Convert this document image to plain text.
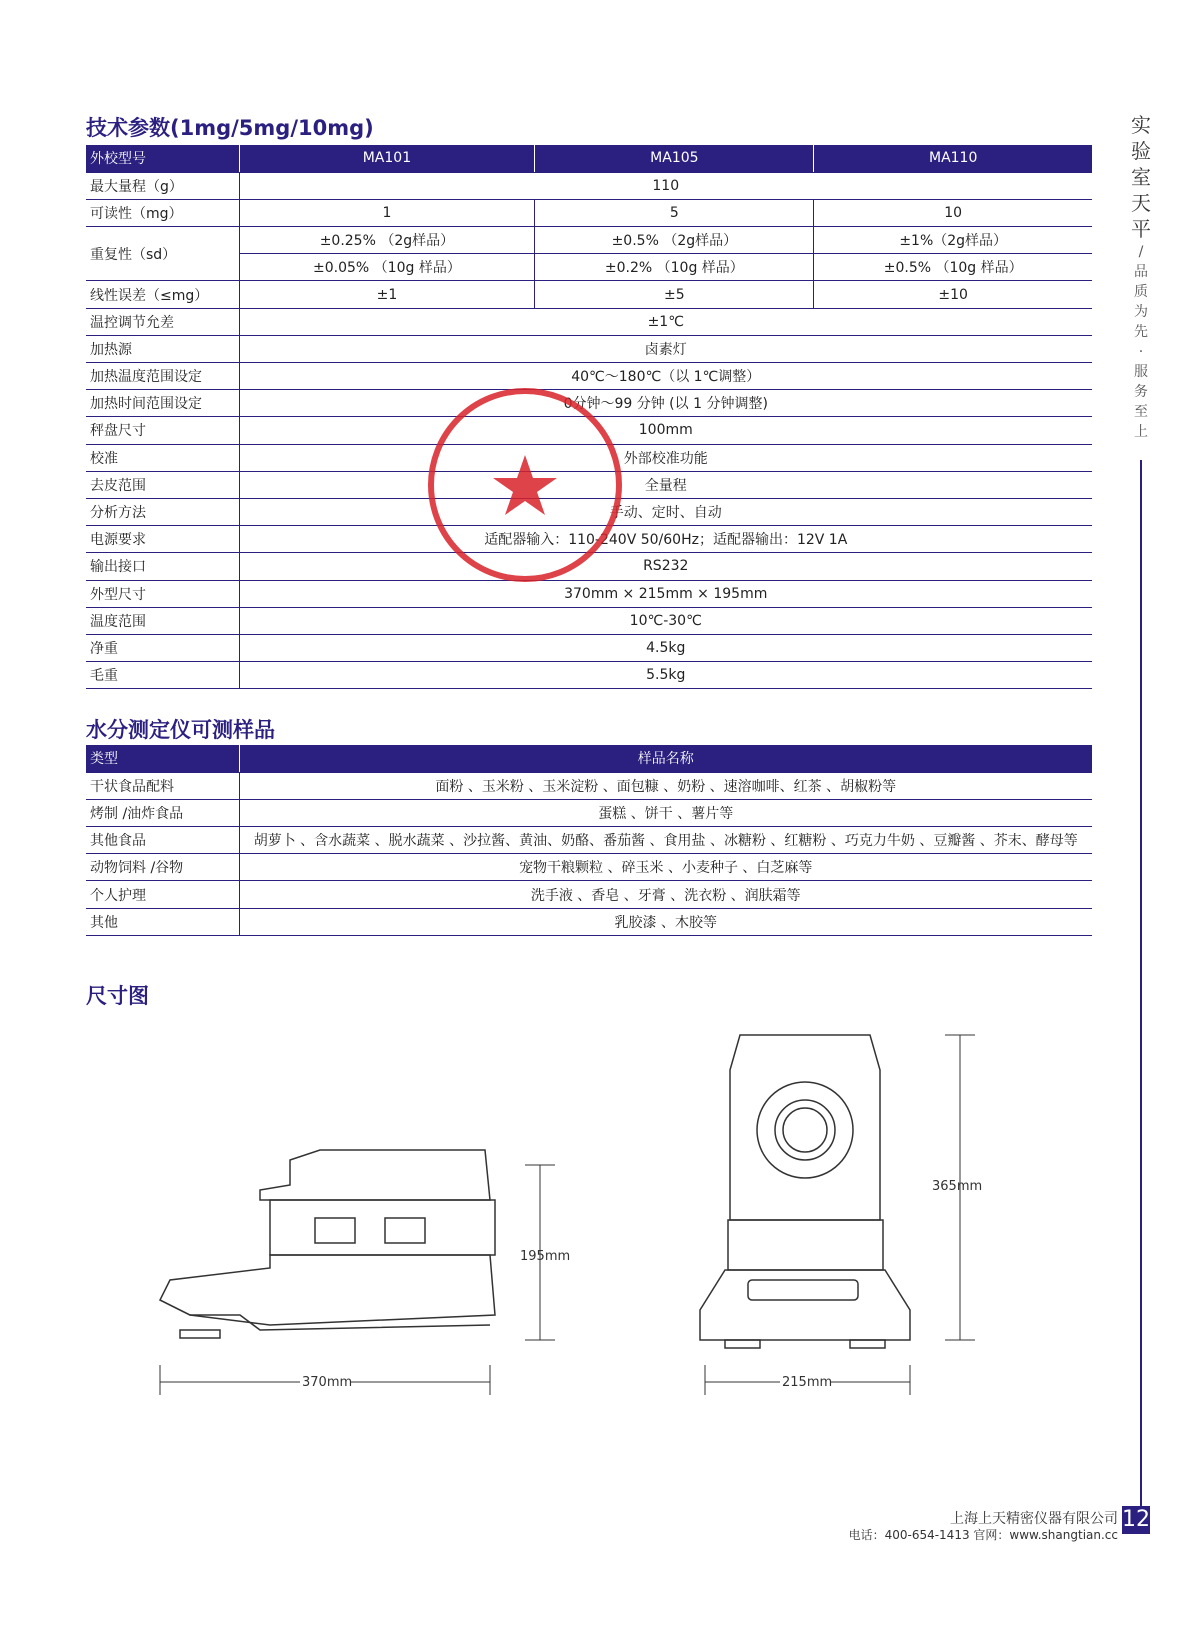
实验室天平
/
品质为先·服务至上
技术参数(1mg/5mg/10mg)
外校型号	MA101	MA105	MA110
最大量程（g）	110		
可读性（mg）	1	5	10
重复性（sd）	±0.25% （2g样品）	±0.5% （2g样品）	±1%（2g样品）
	±0.05% （10g 样品）	±0.2% （10g 样品）	±0.5% （10g 样品）
线性误差（≤mg）	±1	±5	±10
温控调节允差	±1℃		
加热源	卤素灯		
加热温度范围设定	40℃～180℃（以 1℃调整）		
加热时间范围设定	0分钟～99 分钟 (以 1 分钟调整)		
秤盘尺寸	100mm		
校准	外部校准功能		
去皮范围	全量程		
分析方法	手动、定时、自动		
电源要求	适配器输入：110-240V 50/60Hz；适配器输出：12V 1A		
输出接口	RS232		
外型尺寸	370mm × 215mm × 195mm		
温度范围	10℃-30℃		
净重	4.5kg		
毛重	5.5kg		
水分测定仪可测样品
类型	样品名称
干状食品配料	面粉 、玉米粉 、玉米淀粉 、面包糠 、奶粉 、速溶咖啡、红茶 、胡椒粉等
烤制 /油炸食品	蛋糕 、饼干 、薯片等
其他食品	胡萝卜 、含水蔬菜 、脱水蔬菜 、沙拉酱、黄油、奶酪、番茄酱 、食用盐 、冰糖粉 、红糖粉 、巧克力牛奶 、豆瓣酱 、芥末、酵母等
动物饲料 /谷物	宠物干粮颗粒 、碎玉米 、小麦种子 、白芝麻等
个人护理	洗手液 、香皂 、牙膏 、洗衣粉 、润肤霜等
其他	乳胶漆 、木胶等
尺寸图
195mm
370mm
365mm
215mm
上海上天精密仪器有限公司
电话：400-654-1413 官网：www.shangtian.cc
12
